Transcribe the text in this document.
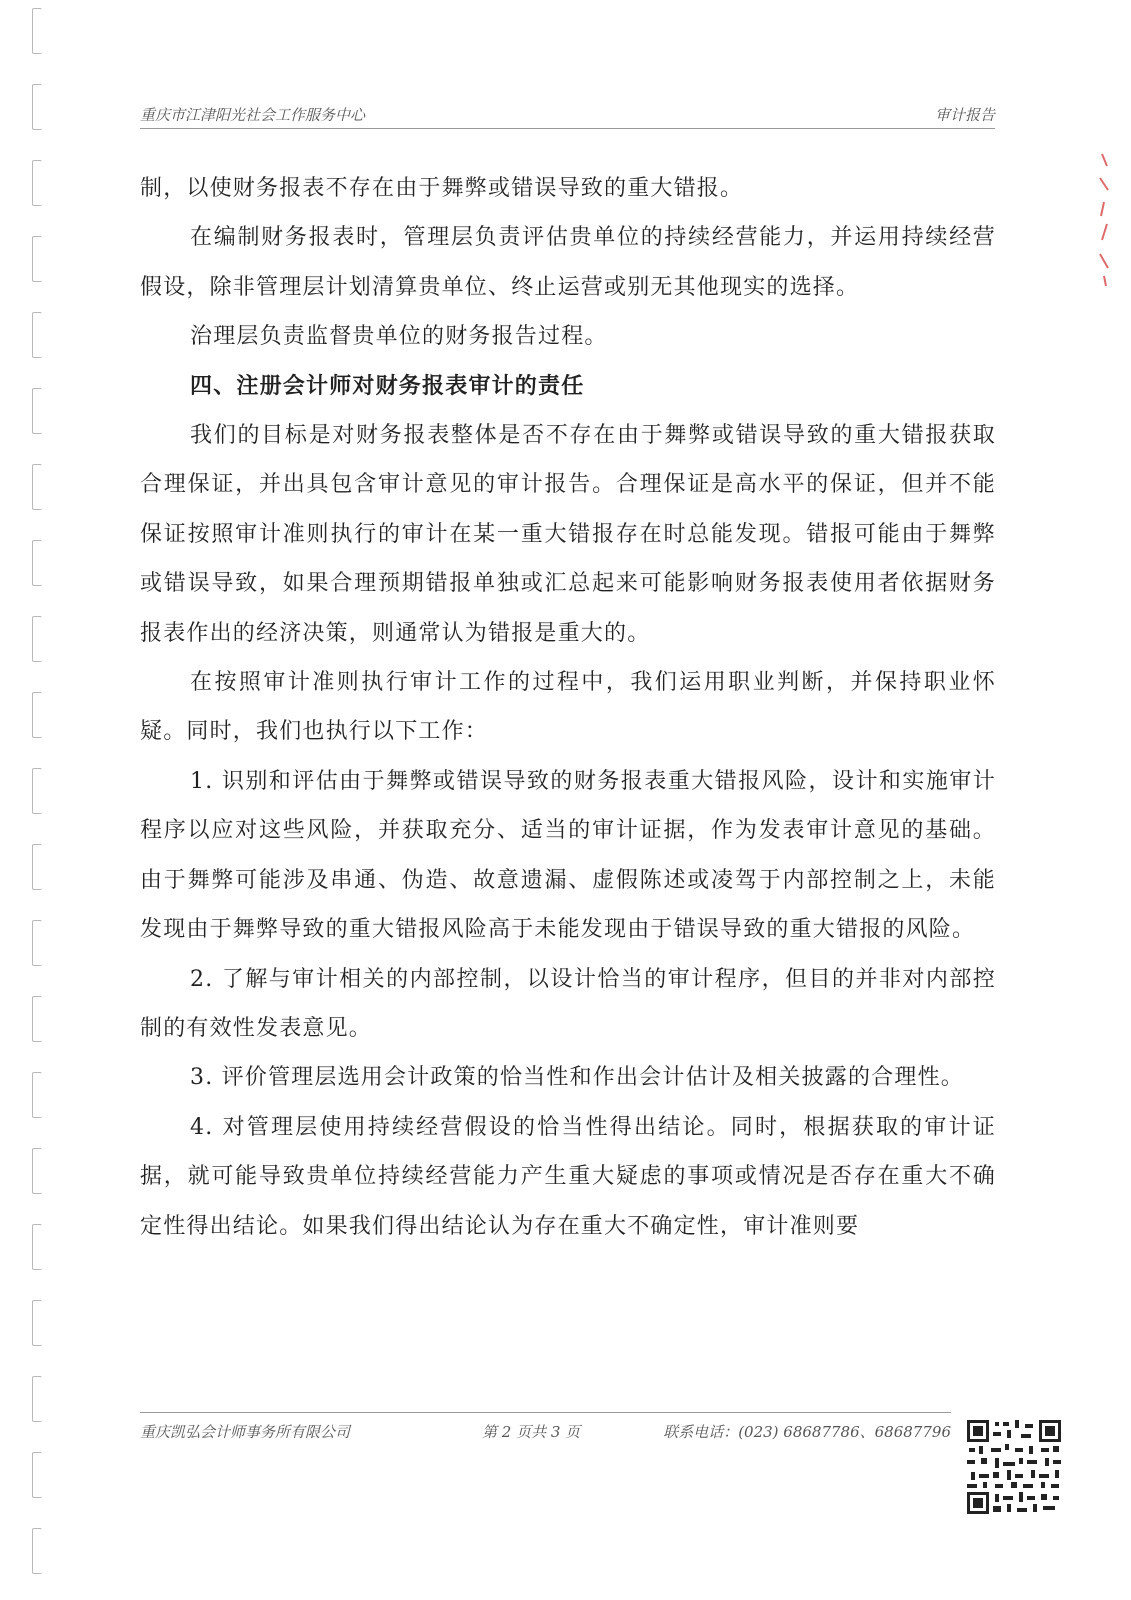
重庆市江津阳光社会工作服务中心	审计报告

制，以使财务报表不存在由于舞弊或错误导致的重大错报。

在编制财务报表时，管理层负责评估贵单位的持续经营能力，并运用持续经营假设，除非管理层计划清算贵单位、终止运营或别无其他现实的选择。

治理层负责监督贵单位的财务报告过程。

四、注册会计师对财务报表审计的责任

我们的目标是对财务报表整体是否不存在由于舞弊或错误导致的重大错报获取合理保证，并出具包含审计意见的审计报告。合理保证是高水平的保证，但并不能保证按照审计准则执行的审计在某一重大错报存在时总能发现。错报可能由于舞弊或错误导致，如果合理预期错报单独或汇总起来可能影响财务报表使用者依据财务报表作出的经济决策，则通常认为错报是重大的。

在按照审计准则执行审计工作的过程中，我们运用职业判断，并保持职业怀疑。同时，我们也执行以下工作：

1. 识别和评估由于舞弊或错误导致的财务报表重大错报风险，设计和实施审计程序以应对这些风险，并获取充分、适当的审计证据，作为发表审计意见的基础。由于舞弊可能涉及串通、伪造、故意遗漏、虚假陈述或凌驾于内部控制之上，未能发现由于舞弊导致的重大错报风险高于未能发现由于错误导致的重大错报的风险。

2. 了解与审计相关的内部控制，以设计恰当的审计程序，但目的并非对内部控制的有效性发表意见。

3. 评价管理层选用会计政策的恰当性和作出会计估计及相关披露的合理性。

4. 对管理层使用持续经营假设的恰当性得出结论。同时，根据获取的审计证据，就可能导致贵单位持续经营能力产生重大疑虑的事项或情况是否存在重大不确定性得出结论。如果我们得出结论认为存在重大不确定性，审计准则要

重庆凯弘会计师事务所有限公司	第 2 页共 3 页	联系电话：(023) 68687786、68687796
